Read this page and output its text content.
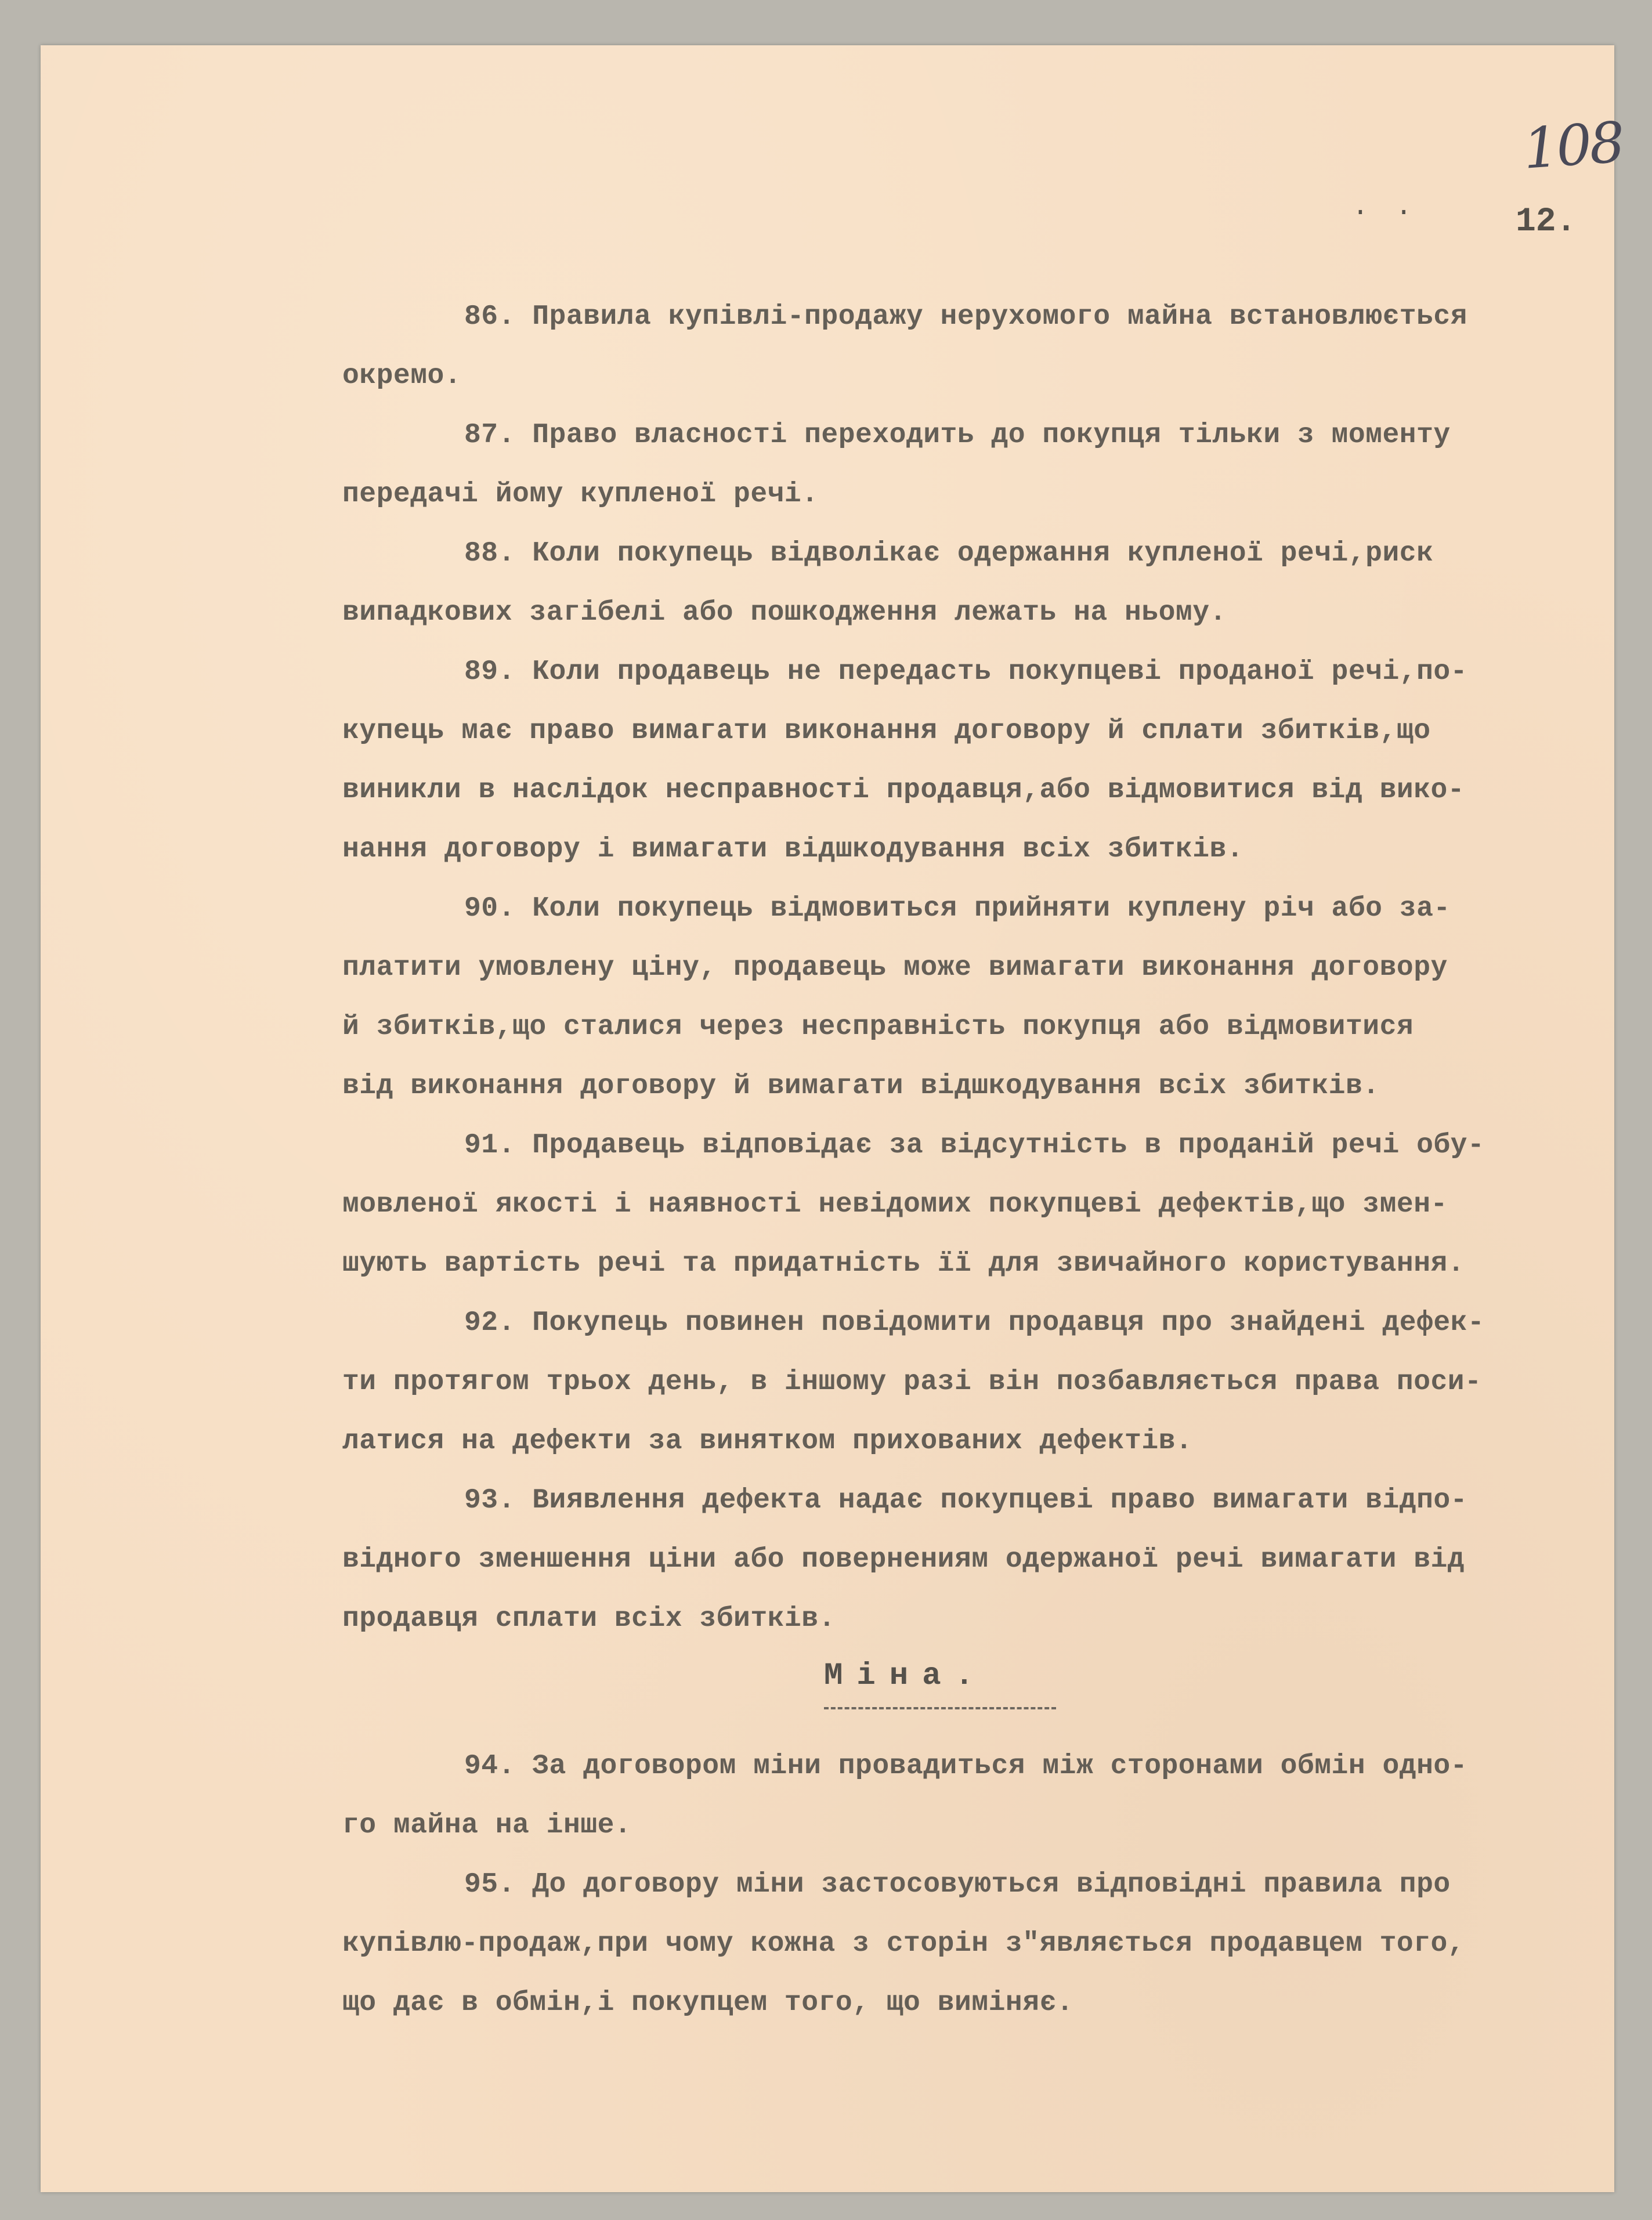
108
·· 12.
86. Правила купівлі-продажу нерухомого майна встановлюється
окремо.
87. Право власності переходить до покупця тільки з моменту
передачі йому купленої речі.
88. Коли покупець відволікає одержання купленої речі,риск
випадкових загібелі або пошкодження лежать на ньому.
89. Коли продавець не передасть покупцеві проданої речі,по-
купець має право вимагати виконання договору й сплати збитків,що
виникли в наслідок несправності продавця,або відмовитися від вико-
нання договору і вимагати відшкодування всіх збитків.
90. Коли покупець відмовиться прийняти куплену річ або за-
платити умовлену ціну, продавець може вимагати виконання договору
й збитків,що сталися через несправність покупця або відмовитися
від виконання договору й вимагати відшкодування всіх збитків.
91. Продавець відповідає за відсутність в проданій речі обу-
мовленої якості і наявності невідомих покупцеві дефектів,що змен-
шують вартість речі та придатність її для звичайного користування.
92. Покупець повинен повідомити продавця про знайдені дефек-
ти протягом трьох день, в іншому разі він позбавляється права поси-
латися на дефекти за винятком прихованих дефектів.
93. Виявлення дефекта надає покупцеві право вимагати відпо-
відного зменшення ціни або повернениям одержаної речі вимагати від
продавця сплати всіх збитків.
Міна.
94. За договором міни провадиться між сторонами обмін одно-
го майна на інше.
95. До договору міни застосовуються відповідні правила про
купівлю-продаж,при чому кожна з сторін з"являється продавцем того,
що дає в обмін,і покупцем того, що виміняє.
